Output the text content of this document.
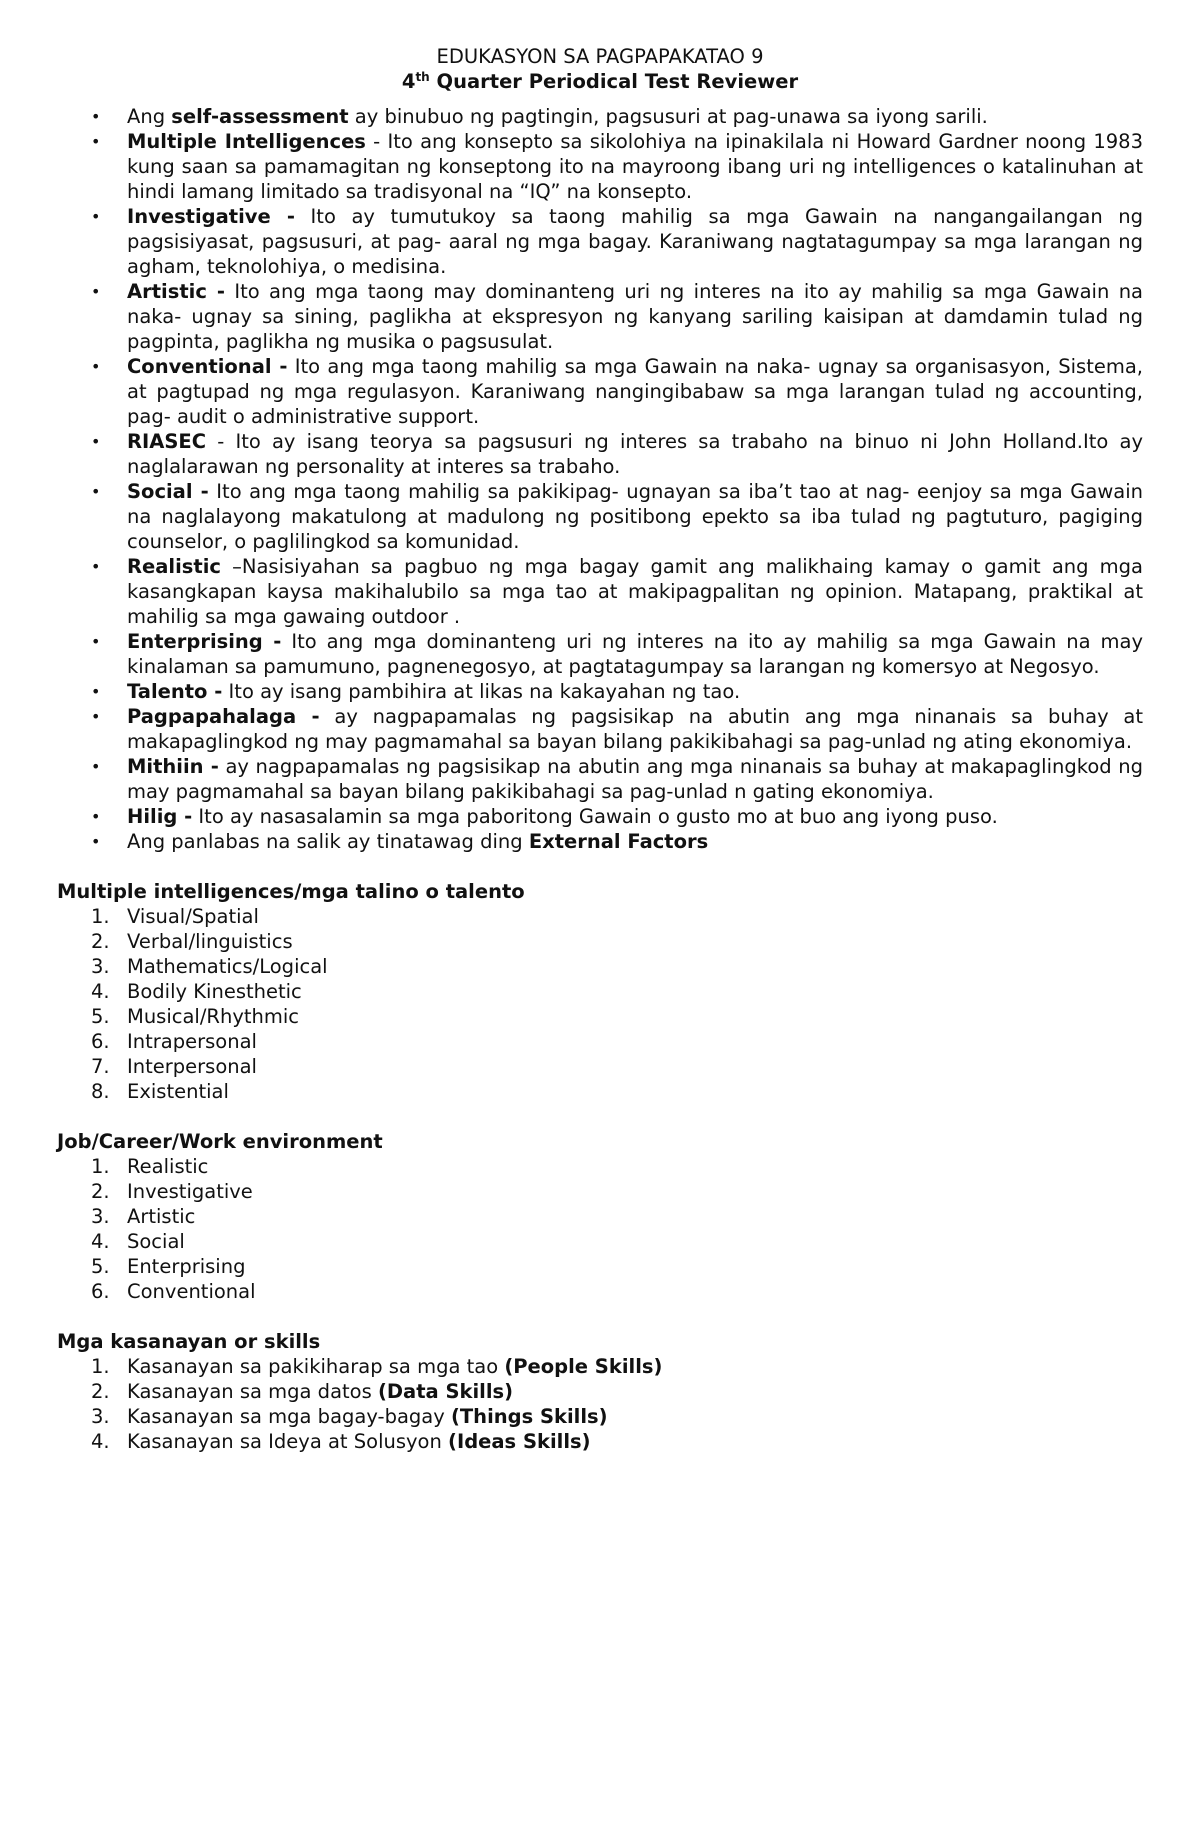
EDUKASYON SA PAGPAPAKATAO 9

4th Quarter Periodical Test Reviewer

• Ang self-assessment ay binubuo ng pagtingin, pagsusuri at pag-unawa sa iyong sarili.
• Multiple Intelligences - Ito ang konsepto sa sikolohiya na ipinakilala ni Howard Gardner noong 1983 kung saan sa pamamagitan ng konseptong ito na mayroong ibang uri ng intelligences o katalinuhan at hindi lamang limitado sa tradisyonal na “IQ” na konsepto.
• Investigative - Ito ay tumutukoy sa taong mahilig sa mga Gawain na nangangailangan ng pagsisiyasat, pagsusuri, at pag- aaral ng mga bagay. Karaniwang nagtatagumpay sa mga larangan ng agham, teknolohiya, o medisina.
• Artistic - Ito ang mga taong may dominanteng uri ng interes na ito ay mahilig sa mga Gawain na naka- ugnay sa sining, paglikha at ekspresyon ng kanyang sariling kaisipan at damdamin tulad ng pagpinta, paglikha ng musika o pagsusulat.
• Conventional - Ito ang mga taong mahilig sa mga Gawain na naka- ugnay sa organisasyon, Sistema, at pagtupad ng mga regulasyon. Karaniwang nangingibabaw sa mga larangan tulad ng accounting, pag- audit o administrative support.
• RIASEC - Ito ay isang teorya sa pagsusuri ng interes sa trabaho na binuo ni John Holland.Ito ay naglalarawan ng personality at interes sa trabaho.
• Social - Ito ang mga taong mahilig sa pakikipag- ugnayan sa iba’t tao at nag- eenjoy sa mga Gawain na naglalayong makatulong at madulong ng positibong epekto sa iba tulad ng pagtuturo, pagiging counselor, o paglilingkod sa komunidad.
• Realistic –Nasisiyahan sa pagbuo ng mga bagay gamit ang malikhaing kamay o gamit ang mga kasangkapan kaysa makihalubilo sa mga tao at makipagpalitan ng opinion. Matapang, praktikal at mahilig sa mga gawaing outdoor .
• Enterprising - Ito ang mga dominanteng uri ng interes na ito ay mahilig sa mga Gawain na may kinalaman sa pamumuno, pagnenegosyo, at pagtatagumpay sa larangan ng komersyo at Negosyo.
• Talento - Ito ay isang pambihira at likas na kakayahan ng tao.
• Pagpapahalaga - ay nagpapamalas ng pagsisikap na abutin ang mga ninanais sa buhay at makapaglingkod ng may pagmamahal sa bayan bilang pakikibahagi sa pag-unlad ng ating ekonomiya.
• Mithiin - ay nagpapamalas ng pagsisikap na abutin ang mga ninanais sa buhay at makapaglingkod ng may pagmamahal sa bayan bilang pakikibahagi sa pag-unlad n gating ekonomiya.
• Hilig - Ito ay nasasalamin sa mga paboritong Gawain o gusto mo at buo ang iyong puso.
• Ang panlabas na salik ay tinatawag ding External Factors

Multiple intelligences/mga talino o talento

1. Visual/Spatial
2. Verbal/linguistics
3. Mathematics/Logical
4. Bodily Kinesthetic
5. Musical/Rhythmic
6. Intrapersonal
7. Interpersonal
8. Existential

Job/Career/Work environment

1. Realistic
2. Investigative
3. Artistic
4. Social
5. Enterprising
6. Conventional

Mga kasanayan or skills

1. Kasanayan sa pakikiharap sa mga tao (People Skills)
2. Kasanayan sa mga datos (Data Skills)
3. Kasanayan sa mga bagay-bagay (Things Skills)
4. Kasanayan sa Ideya at Solusyon (Ideas Skills)
